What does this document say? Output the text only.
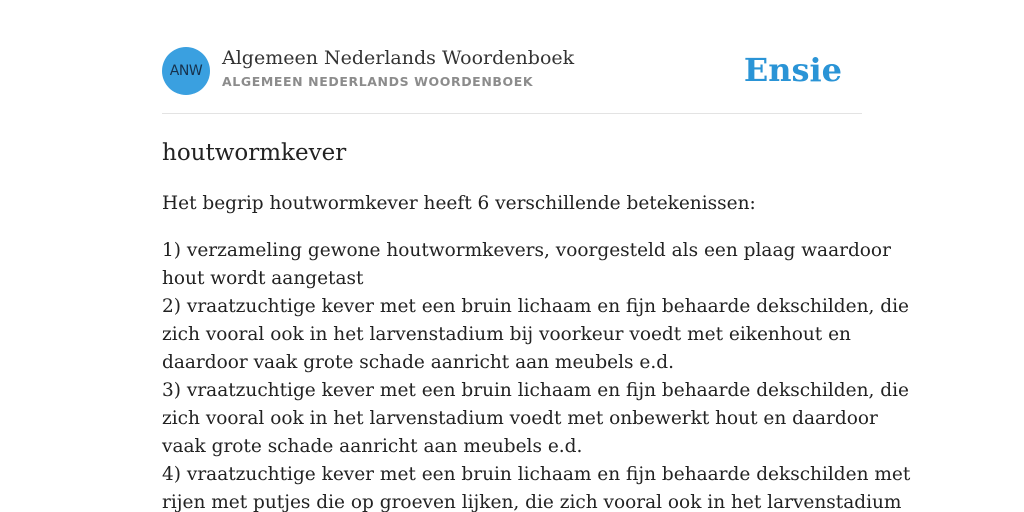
ANW
Algemeen Nederlands Woordenboek
ALGEMEEN NEDERLANDS WOORDENBOEK	Ensie
houtwormkever
Het begrip houtwormkever heeft 6 verschillende betekenissen:
1) verzameling gewone houtwormkevers, voorgesteld als een plaag waardoor
hout wordt aangetast
2) vraatzuchtige kever met een bruin lichaam en fijn behaarde dekschilden, die
zich vooral ook in het larvenstadium bij voorkeur voedt met eikenhout en
daardoor vaak grote schade aanricht aan meubels e.d.
3) vraatzuchtige kever met een bruin lichaam en fijn behaarde dekschilden, die
zich vooral ook in het larvenstadium voedt met onbewerkt hout en daardoor
vaak grote schade aanricht aan meubels e.d.
4) vraatzuchtige kever met een bruin lichaam en fijn behaarde dekschilden met
rijen met putjes die op groeven lijken, die zich vooral ook in het larvenstadium
